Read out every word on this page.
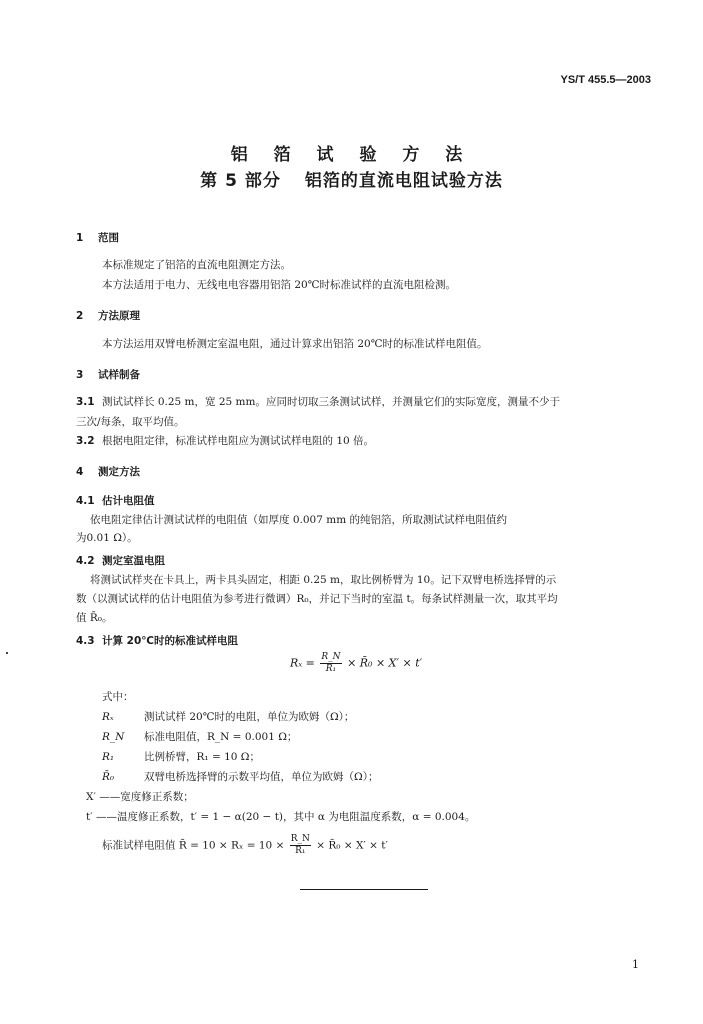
YS/T 455.5—2003
铝 箔 试 验 方 法
第 5 部分 铝箔的直流电阻试验方法
1 范围
本标准规定了铝箔的直流电阻测定方法。
本方法适用于电力、无线电电容器用铝箔 20℃时标准试样的直流电阻检测。
2 方法原理
本方法运用双臂电桥测定室温电阻，通过计算求出铝箔 20℃时的标准试样电阻值。
3 试样制备
3.1 测试试样长 0.25 m，宽 25 mm。应同时切取三条测试试样，并测量它们的实际宽度，测量不少于
三次/每条，取平均值。
3.2 根据电阻定律，标准试样电阻应为测试试样电阻的 10 倍。
4 测定方法
4.1 估计电阻值
依电阻定律估计测试试样的电阻值（如厚度 0.007 mm 的纯铝箔，所取测试试样电阻值约
为0.01 Ω）。
4.2 测定室温电阻
将测试试样夹在卡具上，两卡具头固定，相距 0.25 m，取比例桥臂为 10。记下双臂电桥选择臂的示
数（以测试试样的估计电阻值为参考进行微调）R₀，并记下当时的室温 t。每条试样测量一次，取其平均
值 R̄₀。
4.3 计算 20℃时的标准试样电阻
$R_x = \frac{R\_N}{\text{R₁}}$ × R̄₀ × X′ × t′
式中：
Rₓ	测试试样 20℃时的电阻，单位为欧姆（Ω）；
R_N 标准电阻值，R_N = 0.001 Ω；
R₁	比例桥臂，R₁ = 10 Ω；
R̄₀	双臂电桥选择臂的示数平均值，单位为欧姆（Ω）；
X′ ——宽度修正系数；
t′ ——温度修正系数，t′ = 1 − α(20 − t)，其中 α 为电阻温度系数，α = 0.004。
标准试样电阻值 R̄ = $10 \times R_x = 10 \times \frac{R\_N}{\text{R₁}}$ × R̄₀ × X′ × t′
1
